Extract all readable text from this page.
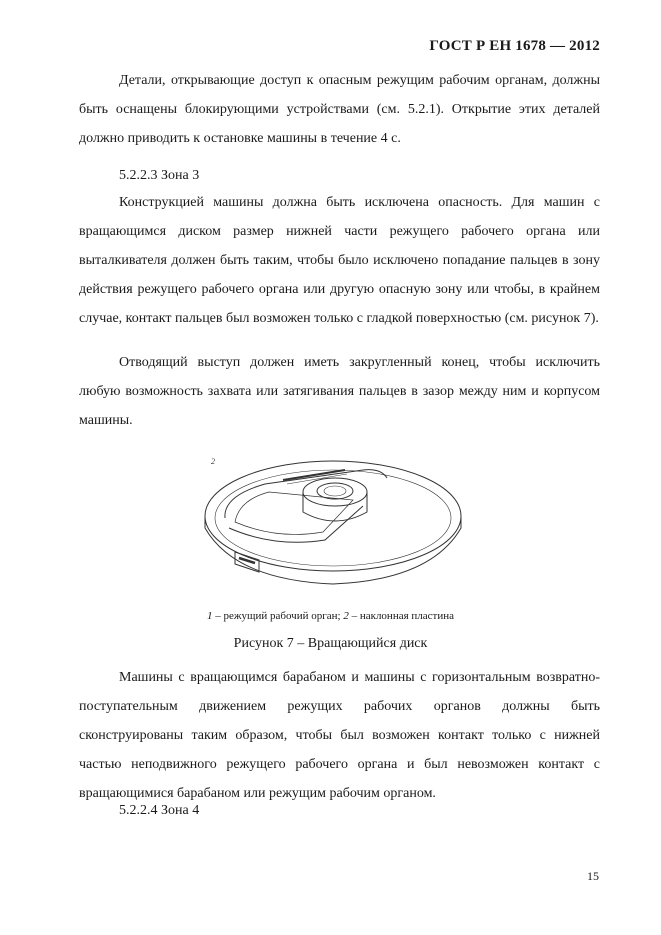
ГОСТ Р ЕН 1678 — 2012
Детали, открывающие доступ к опасным режущим рабочим органам, должны быть оснащены блокирующими устройствами (см. 5.2.1). Открытие этих деталей должно приводить к остановке машины в течение 4 с.
5.2.2.3 Зона 3
Конструкцией машины должна быть исключена опасность. Для машин с вращающимся диском размер нижней части режущего рабочего органа или выталкивателя должен быть таким, чтобы было исключено попадание пальцев в зону действия режущего рабочего органа или другую опасную зону или чтобы, в крайнем случае, контакт пальцев был возможен только с гладкой поверхностью (см. рисунок 7).
Отводящий выступ должен иметь закругленный конец, чтобы исключить любую возможность захвата или затягивания пальцев в зазор между ним и корпусом машины.
2
1 – режущий рабочий орган; 2 – наклонная пластина
Рисунок 7 – Вращающийся диск
Машины с вращающимся барабаном и машины с горизонтальным возвратно-поступательным движением режущих рабочих органов должны быть сконструированы таким образом, чтобы был возможен контакт только с нижней частью неподвижного режущего рабочего органа и был невозможен контакт с вращающимися барабаном или режущим рабочим органом.
5.2.2.4 Зона 4
15
